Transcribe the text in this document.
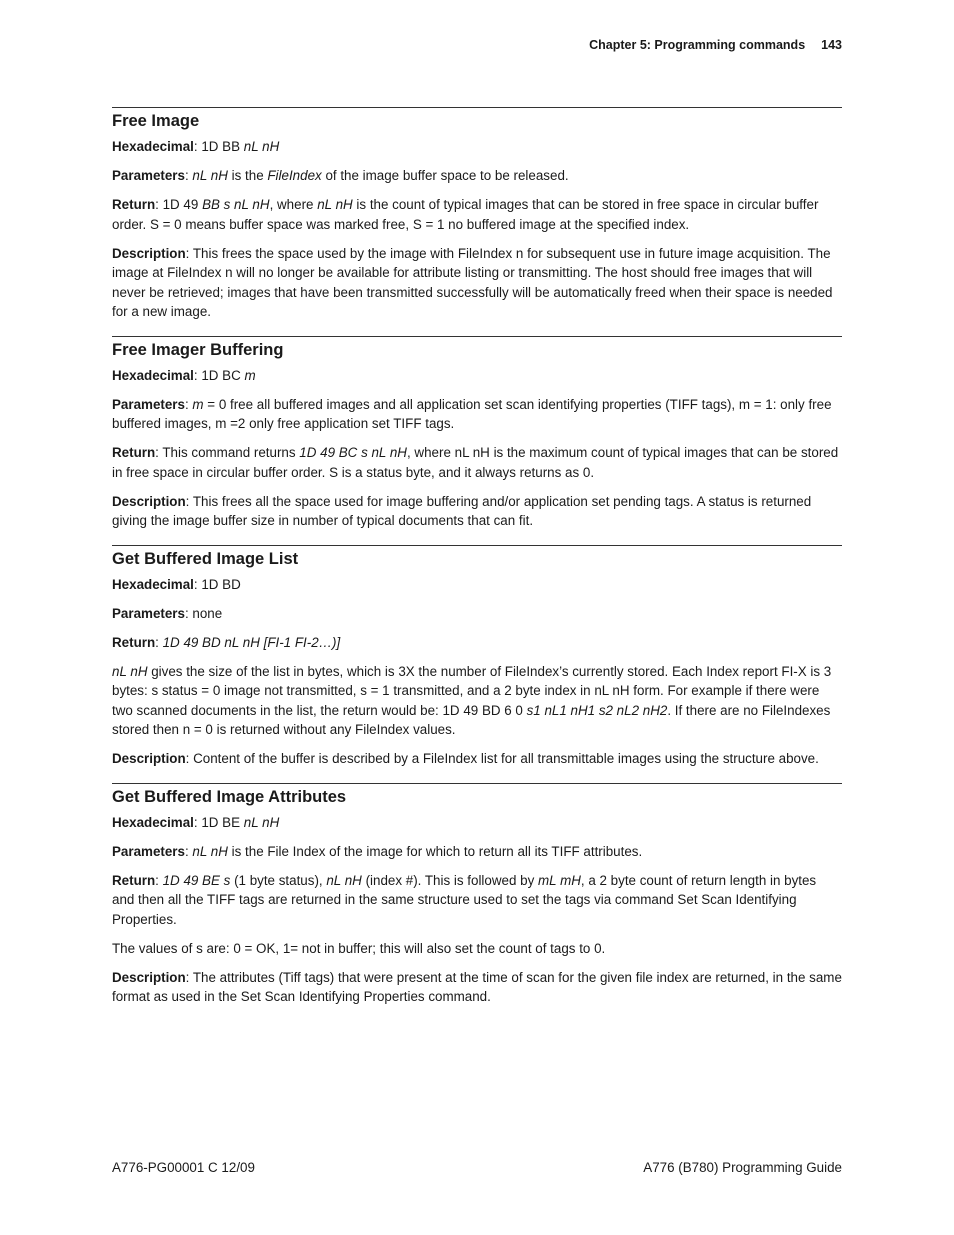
Chapter 5: Programming commands 143
Free Image

Hexadecimal: 1D BB nL nH

Parameters: nL nH is the FileIndex of the image buffer space to be released.

Return: 1D 49 BB s nL nH, where nL nH is the count of typical images that can be stored in free space in circular buffer order. S = 0 means buffer space was marked free, S = 1 no buffered image at the specified index.

Description: This frees the space used by the image with FileIndex n for subsequent use in future image acquisition. The image at FileIndex n will no longer be available for attribute listing or transmitting. The host should free images that will never be retrieved; images that have been transmitted successfully will be automatically freed when their space is needed for a new image.

Free Imager Buffering

Hexadecimal: 1D BC m

Parameters: m = 0 free all buffered images and all application set scan identifying properties (TIFF tags), m = 1: only free buffered images, m =2 only free application set TIFF tags.

Return: This command returns 1D 49 BC s nL nH, where nL nH is the maximum count of typical images that can be stored in free space in circular buffer order. S is a status byte, and it always returns as 0.

Description: This frees all the space used for image buffering and/or application set pending tags. A status is returned giving the image buffer size in number of typical documents that can fit.

Get Buffered Image List

Hexadecimal: 1D BD

Parameters: none

Return: 1D 49 BD nL nH [FI-1 FI-2…)]

nL nH gives the size of the list in bytes, which is 3X the number of FileIndex’s currently stored. Each Index report FI-X is 3 bytes: s status = 0 image not transmitted, s = 1 transmitted, and a 2 byte index in nL nH form. For example if there were two scanned documents in the list, the return would be: 1D 49 BD 6 0 s1 nL1 nH1 s2 nL2 nH2. If there are no FileIndexes stored then n = 0 is returned without any FileIndex values.

Description: Content of the buffer is described by a FileIndex list for all transmittable images using the structure above.

Get Buffered Image Attributes

Hexadecimal: 1D BE nL nH

Parameters: nL nH is the File Index of the image for which to return all its TIFF attributes.

Return: 1D 49 BE s (1 byte status), nL nH (index #). This is followed by mL mH, a 2 byte count of return length in bytes and then all the TIFF tags are returned in the same structure used to set the tags via command Set Scan Identifying Properties.

The values of s are: 0 = OK, 1= not in buffer; this will also set the count of tags to 0.

Description: The attributes (Tiff tags) that were present at the time of scan for the given file index are returned, in the same format as used in the Set Scan Identifying Properties command.

A776-PG00001 C 12/09	A776 (B780) Programming Guide
